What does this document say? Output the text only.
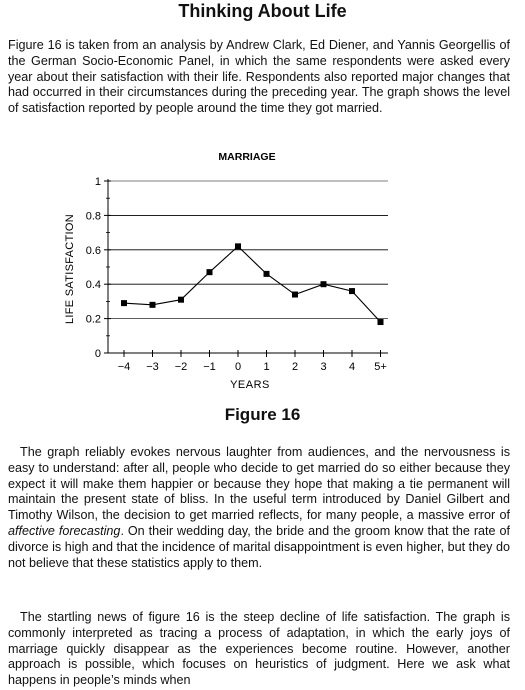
Thinking About Life

Figure 16 is taken from an analysis by Andrew Clark, Ed Diener, and Yannis Georgellis of the German Socio-Economic Panel, in which the same respondents were asked every year about their satisfaction with their life. Respondents also reported major changes that had occurred in their circumstances during the preceding year. The graph shows the level of satisfaction reported by people around the time they got married.

MARRIAGE
LIFE SATISFACTION
YEARS
0
0.2
0.4
0.6
0.8
1
−4 −3 −2 −1 0 1 2 3 4 5+
Figure 16

The graph reliably evokes nervous laughter from audiences, and the nervousness is easy to understand: after all, people who decide to get married do so either because they expect it will make them happier or because they hope that making a tie permanent will maintain the present state of bliss. In the useful term introduced by Daniel Gilbert and Timothy Wilson, the decision to get married reflects, for many people, a massive error of affective forecasting. On their wedding day, the bride and the groom know that the rate of divorce is high and that the incidence of marital disappointment is even higher, but they do not believe that these statistics apply to them.

The startling news of figure 16 is the steep decline of life satisfaction. The graph is commonly interpreted as tracing a process of adaptation, in which the early joys of marriage quickly disappear as the experiences become routine. However, another approach is possible, which focuses on heuristics of judgment. Here we ask what happens in people’s minds when
